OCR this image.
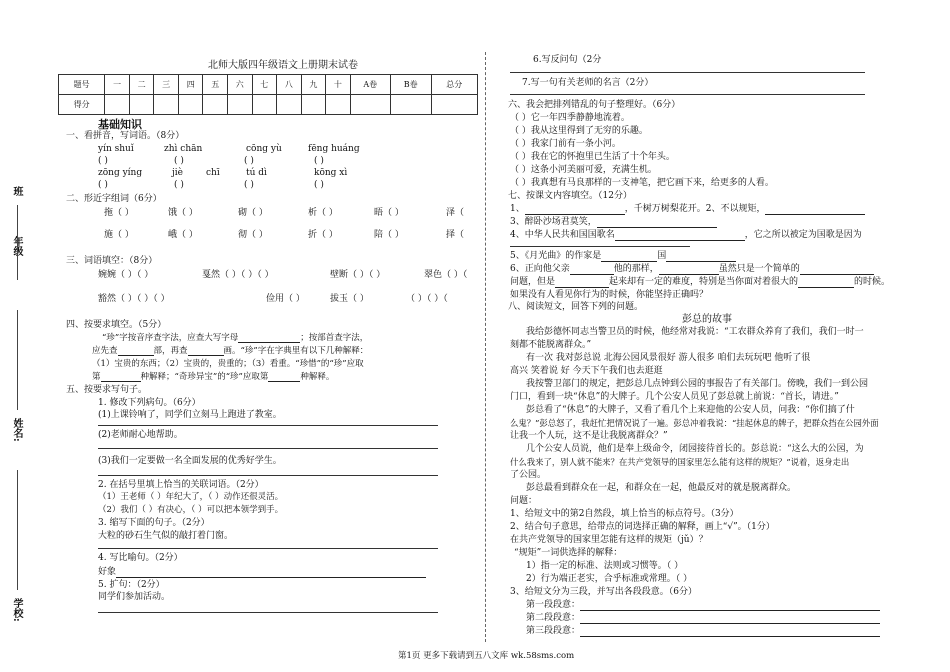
班
年级
姓名:
学校:
北师大版四年级语文上册期末试卷
题号	一	二	三	四	五	六	七	八	九	十	A卷	B卷	总分
得分													
基础知识
一、看拼音，写词语。（8分）
yín shuǐ	zhì chān	cōng yù	fēng huáng
( )	( )	( )	( )
zōng yíng	jiè	chī	tú dì	kōng xì
( )	( )	( )	( )
二、形近字组词（6分）
拖（ ）	饿（ ）	砌（ ）	析（ ）	晤（ ）	泽（
施（ ）	峨（ ）	彻（ ）	折（ ）	陪（ ）	择（
三、词语填空：（8分）
婉婉（ ）（ ）	戛然（ ）（ ）（ ）	壁断（ ）（ ）	翠色（ ）（
豁然（ ）（ ）（ ）	俭用（ ）	拔玉（ ）	（ ）（ ）（
四、按要求填空。（5分）
“珍”字按音序查字法，应查大写字母	；按部首查字法，
应先查	部，再查	画。“珍”字在字典里有以下几种解释：
（1）宝贵的东西；（2）宝贵的，贵重的；（3）看重。“珍惜”的“珍”应取
第	种解释；“奇珍异宝”的“珍”应取第	种解释。
五、按要求写句子。
1. 修改下列病句。（6分）
(1)上课铃响了，同学们立刻马上跑进了教室。
(2)老师耐心地帮助。
(3)我们一定要做一名全面发展的优秀好学生。
2. 在括号里填上恰当的关联词语。（2分）
（1）王老师（ ）年纪大了，（ ）动作还很灵活。
（2）我们（ ）有决心，（ ）可以把本领学到手。
3. 缩写下面的句子。（2分）
大粒的砂石生气似的敲打着门窗。
4. 写比喻句。（2分）
好象
5. 扩句：（2分）
同学们参加活动。
6.写反问句（2分
7.写一句有关老师的名言（2分）
六、我会把排列错乱的句子整理好。（6分）
（ ）它一年四季静静地流着。
（ ）我从这里得到了无穷的乐趣。
（ ）我家门前有一条小河。
（ ）我在它的怀抱里已生活了十个年头。
（ ）这条小河美丽可爱，充满生机。
（ ）我真想有马良那样的一支神笔，把它画下来，给更多的人看。
七、按课文内容填空。（12分）
1、	，千树万树梨花开。2、不以规矩，
3、醉卧沙场君莫笑，
4、中华人民共和国国歌名	，它之所以被定为国歌是因为
5、《月光曲》的作家是	国
6、正向他父亲	他的那样，	虽然只是一个简单的
问题，但是	起来却有一定的难度，特别是当你面对着很大的	的时候。
如果没有人看见你行为的时候，你能坚持正确吗？
八、阅读短文，回答下列的问题。
彭总的故事
我给彭德怀同志当警卫员的时候，他经常对我说：“工农群众养育了我们，我们一时一
刻都不能脱离群众。”
有一次 我对彭总说 北海公园风景很好 游人很多 咱们去玩玩吧 他听了很
高兴 笑着说 好 今天下午我们也去逛逛
我按警卫部门的规定，把彭总几点钟到公园的事报告了有关部门。傍晚，我们一到公园
门口，看到一块“休息”的大牌子。几个公安人员见了彭总就上前说：“首长，请进。”
彭总看了“休息”的大牌子，又看了看几个上来迎他的公安人员，问我：“你们搞了什
么鬼？”彭总怒了，我赶忙把情况说了一遍。彭总冲着我说：“挂起休息的牌子，把群众挡在公园外面
让我一个人玩，这不是让我脱离群众？”
几个公安人员说，他们是奉上级命令，闭园接待首长的。彭总说：“这么大的公园，为
什么我来了，别人就不能来？在共产党领导的国家里怎么能有这样的规矩？”说着，返身走出
了公园。
彭总最看到群众在一起，和群众在一起，他最反对的就是脱离群众。
问题：
1、给短文中的第2自然段，填上恰当的标点符号。（3分）
2、结合句子意思，给带点的词选择正确的解释，画上“√”。（1分）
在共产党领导的国家里怎能有这样的规矩（jǔ）？
“规矩”一词供选择的解释：
1）指一定的标准、法则或习惯等。（ ）
2）行为端正老实，合乎标准或常理。（ ）
3、给短文分为三段，并写出各段段意。（6分）
第一段段意：
第二段段意：
第三段段意：
第1页 更多下载请到五八文库 wk.58sms.com
